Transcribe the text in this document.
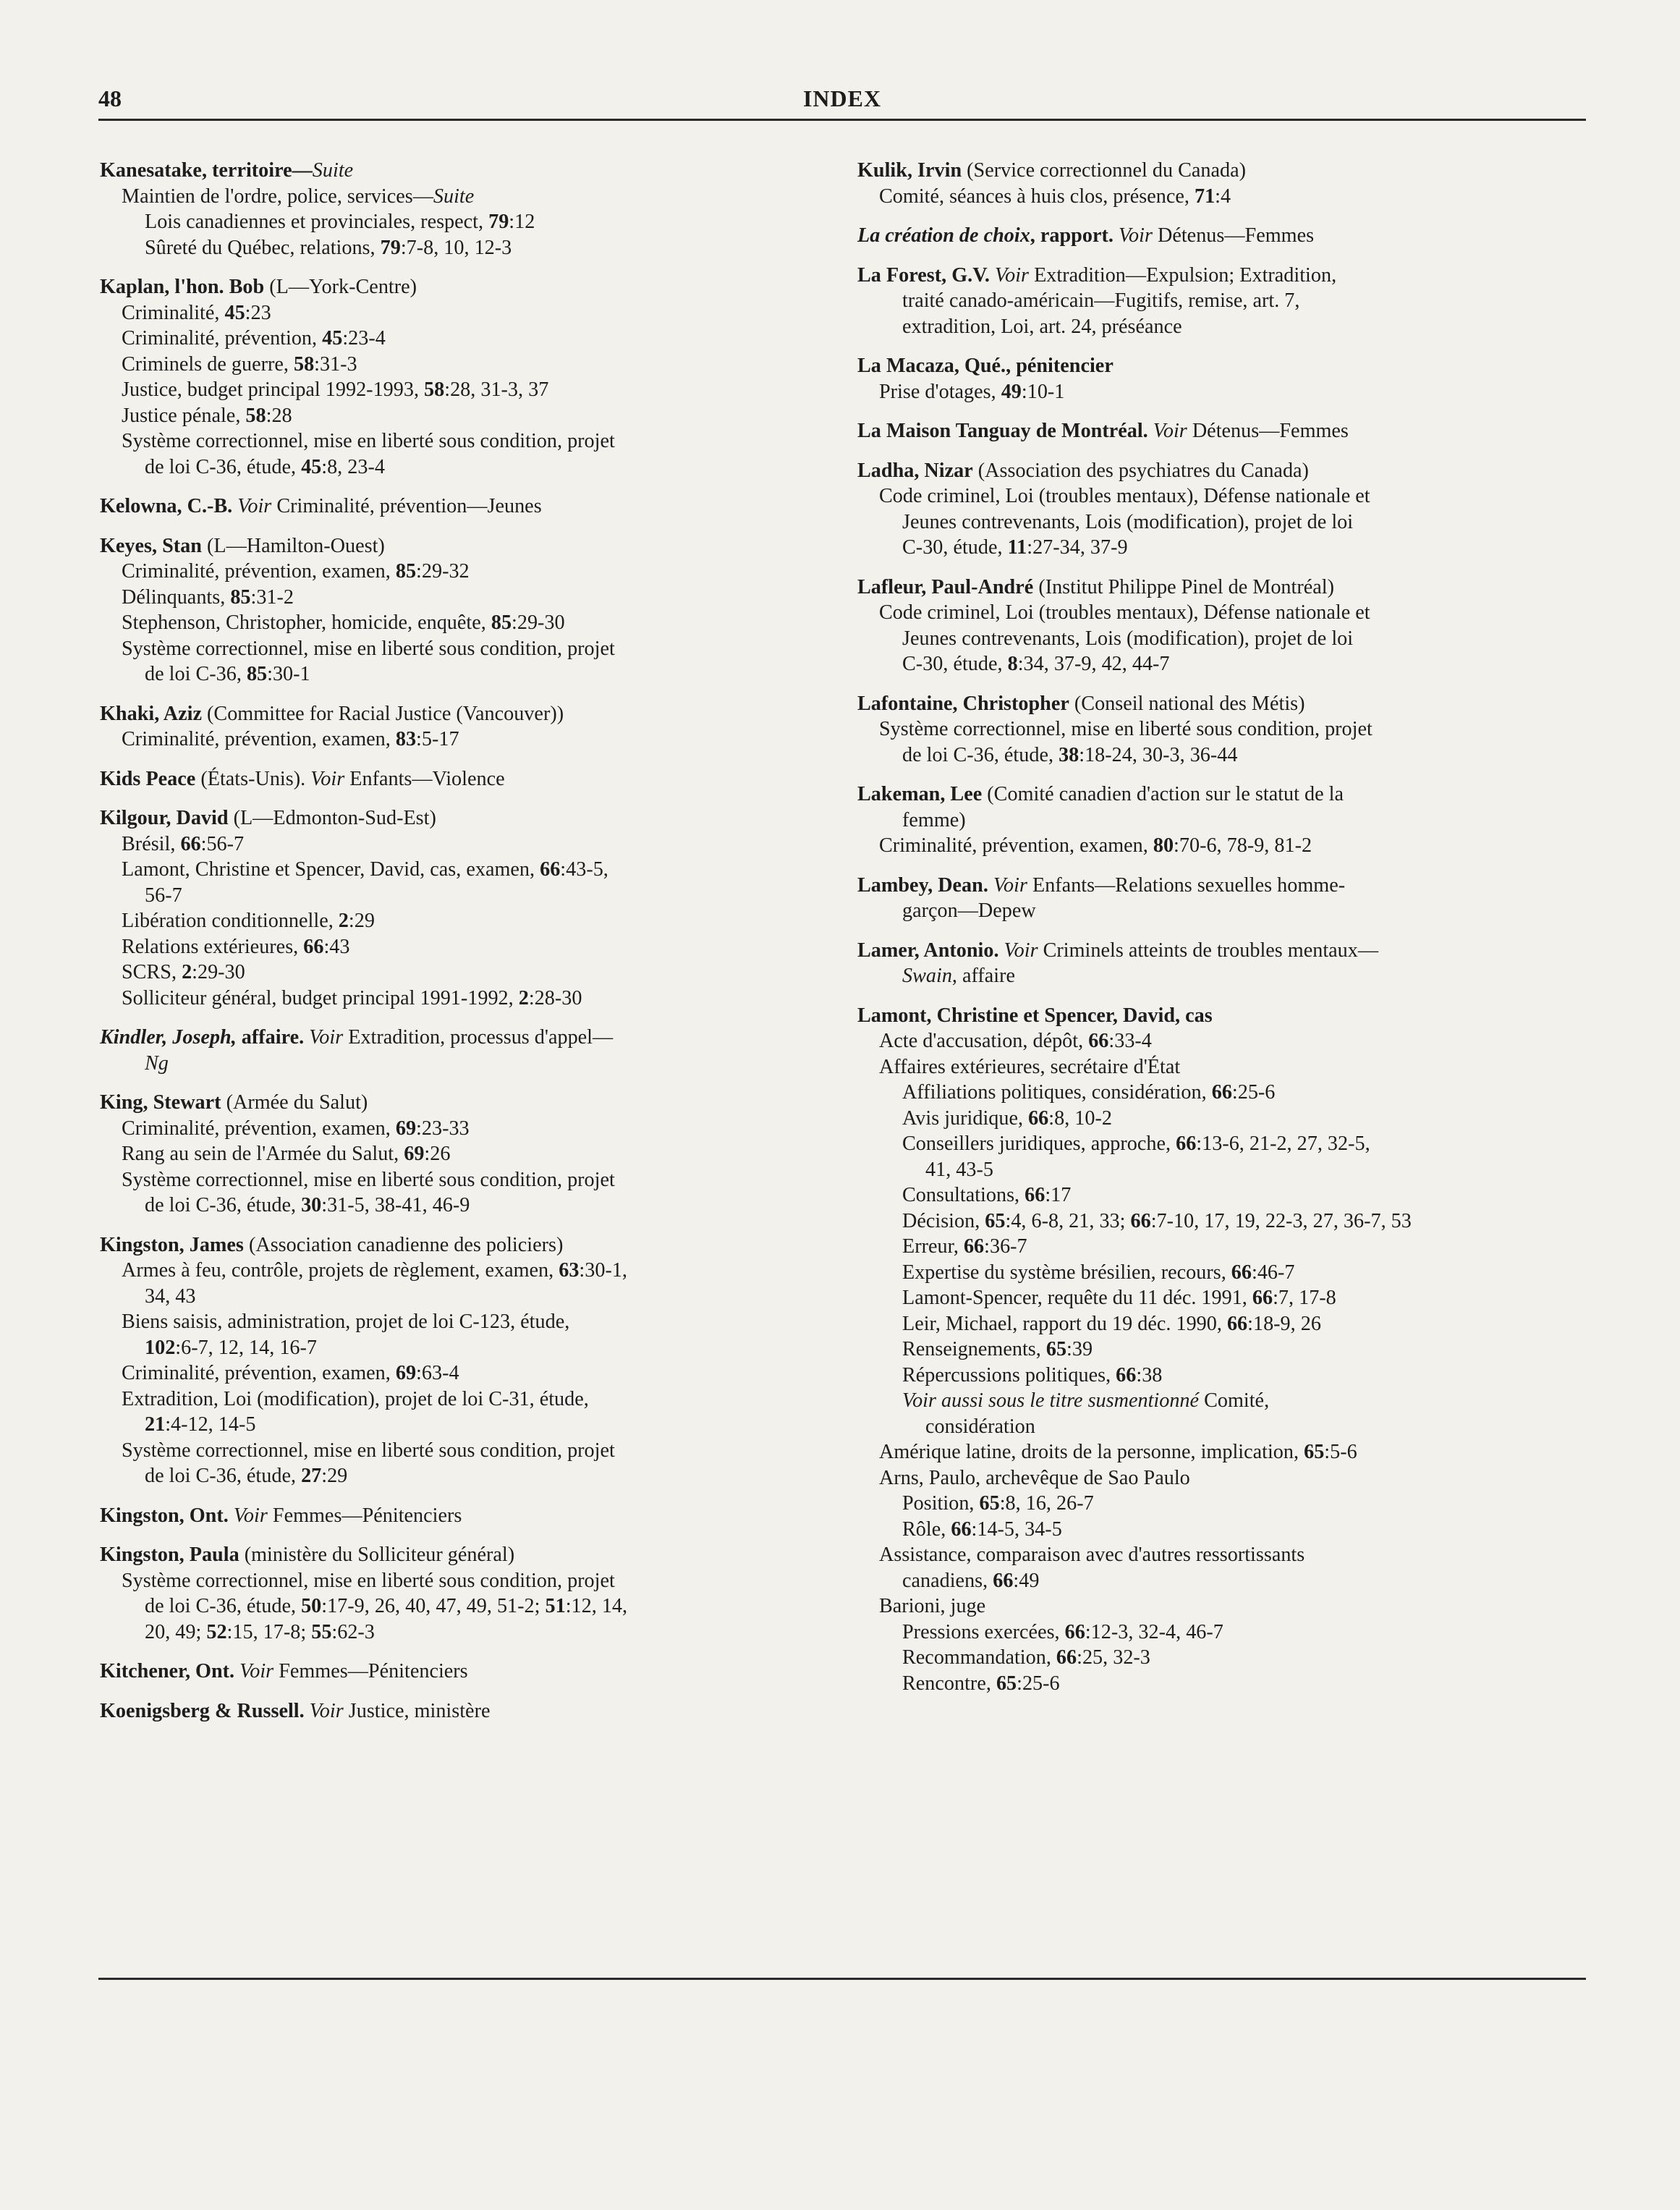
48	INDEX
Kanesatake, territoire—Suite
Maintien de l'ordre, police, services—Suite
Lois canadiennes et provinciales, respect, 79:12
Sûreté du Québec, relations, 79:7-8, 10, 12-3
Kaplan, l'hon. Bob (L—York-Centre)
Criminalité, 45:23
Criminalité, prévention, 45:23-4
Criminels de guerre, 58:31-3
Justice, budget principal 1992-1993, 58:28, 31-3, 37
Justice pénale, 58:28
Système correctionnel, mise en liberté sous condition, projet
de loi C-36, étude, 45:8, 23-4
Kelowna, C.-B. Voir Criminalité, prévention—Jeunes
Keyes, Stan (L—Hamilton-Ouest)
Criminalité, prévention, examen, 85:29-32
Délinquants, 85:31-2
Stephenson, Christopher, homicide, enquête, 85:29-30
Système correctionnel, mise en liberté sous condition, projet
de loi C-36, 85:30-1
Khaki, Aziz (Committee for Racial Justice (Vancouver))
Criminalité, prévention, examen, 83:5-17
Kids Peace (États-Unis). Voir Enfants—Violence
Kilgour, David (L—Edmonton-Sud-Est)
Brésil, 66:56-7
Lamont, Christine et Spencer, David, cas, examen, 66:43-5,
56-7
Libération conditionnelle, 2:29
Relations extérieures, 66:43
SCRS, 2:29-30
Solliciteur général, budget principal 1991-1992, 2:28-30
Kindler, Joseph, affaire. Voir Extradition, processus d'appel—
Ng
King, Stewart (Armée du Salut)
Criminalité, prévention, examen, 69:23-33
Rang au sein de l'Armée du Salut, 69:26
Système correctionnel, mise en liberté sous condition, projet
de loi C-36, étude, 30:31-5, 38-41, 46-9
Kingston, James (Association canadienne des policiers)
Armes à feu, contrôle, projets de règlement, examen, 63:30-1,
34, 43
Biens saisis, administration, projet de loi C-123, étude,
102:6-7, 12, 14, 16-7
Criminalité, prévention, examen, 69:63-4
Extradition, Loi (modification), projet de loi C-31, étude,
21:4-12, 14-5
Système correctionnel, mise en liberté sous condition, projet
de loi C-36, étude, 27:29
Kingston, Ont. Voir Femmes—Pénitenciers
Kingston, Paula (ministère du Solliciteur général)
Système correctionnel, mise en liberté sous condition, projet
de loi C-36, étude, 50:17-9, 26, 40, 47, 49, 51-2; 51:12, 14,
20, 49; 52:15, 17-8; 55:62-3
Kitchener, Ont. Voir Femmes—Pénitenciers
Koenigsberg & Russell. Voir Justice, ministère
Kulik, Irvin (Service correctionnel du Canada)
Comité, séances à huis clos, présence, 71:4
La création de choix, rapport. Voir Détenus—Femmes
La Forest, G.V. Voir Extradition—Expulsion; Extradition,
traité canado-américain—Fugitifs, remise, art. 7,
extradition, Loi, art. 24, préséance
La Macaza, Qué., pénitencier
Prise d'otages, 49:10-1
La Maison Tanguay de Montréal. Voir Détenus—Femmes
Ladha, Nizar (Association des psychiatres du Canada)
Code criminel, Loi (troubles mentaux), Défense nationale et
Jeunes contrevenants, Lois (modification), projet de loi
C-30, étude, 11:27-34, 37-9
Lafleur, Paul-André (Institut Philippe Pinel de Montréal)
Code criminel, Loi (troubles mentaux), Défense nationale et
Jeunes contrevenants, Lois (modification), projet de loi
C-30, étude, 8:34, 37-9, 42, 44-7
Lafontaine, Christopher (Conseil national des Métis)
Système correctionnel, mise en liberté sous condition, projet
de loi C-36, étude, 38:18-24, 30-3, 36-44
Lakeman, Lee (Comité canadien d'action sur le statut de la
femme)
Criminalité, prévention, examen, 80:70-6, 78-9, 81-2
Lambey, Dean. Voir Enfants—Relations sexuelles homme-
garçon—Depew
Lamer, Antonio. Voir Criminels atteints de troubles mentaux—
Swain, affaire
Lamont, Christine et Spencer, David, cas
Acte d'accusation, dépôt, 66:33-4
Affaires extérieures, secrétaire d'État
Affiliations politiques, considération, 66:25-6
Avis juridique, 66:8, 10-2
Conseillers juridiques, approche, 66:13-6, 21-2, 27, 32-5,
41, 43-5
Consultations, 66:17
Décision, 65:4, 6-8, 21, 33; 66:7-10, 17, 19, 22-3, 27, 36-7, 53
Erreur, 66:36-7
Expertise du système brésilien, recours, 66:46-7
Lamont-Spencer, requête du 11 déc. 1991, 66:7, 17-8
Leir, Michael, rapport du 19 déc. 1990, 66:18-9, 26
Renseignements, 65:39
Répercussions politiques, 66:38
Voir aussi sous le titre susmentionné Comité,
considération
Amérique latine, droits de la personne, implication, 65:5-6
Arns, Paulo, archevêque de Sao Paulo
Position, 65:8, 16, 26-7
Rôle, 66:14-5, 34-5
Assistance, comparaison avec d'autres ressortissants
canadiens, 66:49
Barioni, juge
Pressions exercées, 66:12-3, 32-4, 46-7
Recommandation, 66:25, 32-3
Rencontre, 65:25-6
